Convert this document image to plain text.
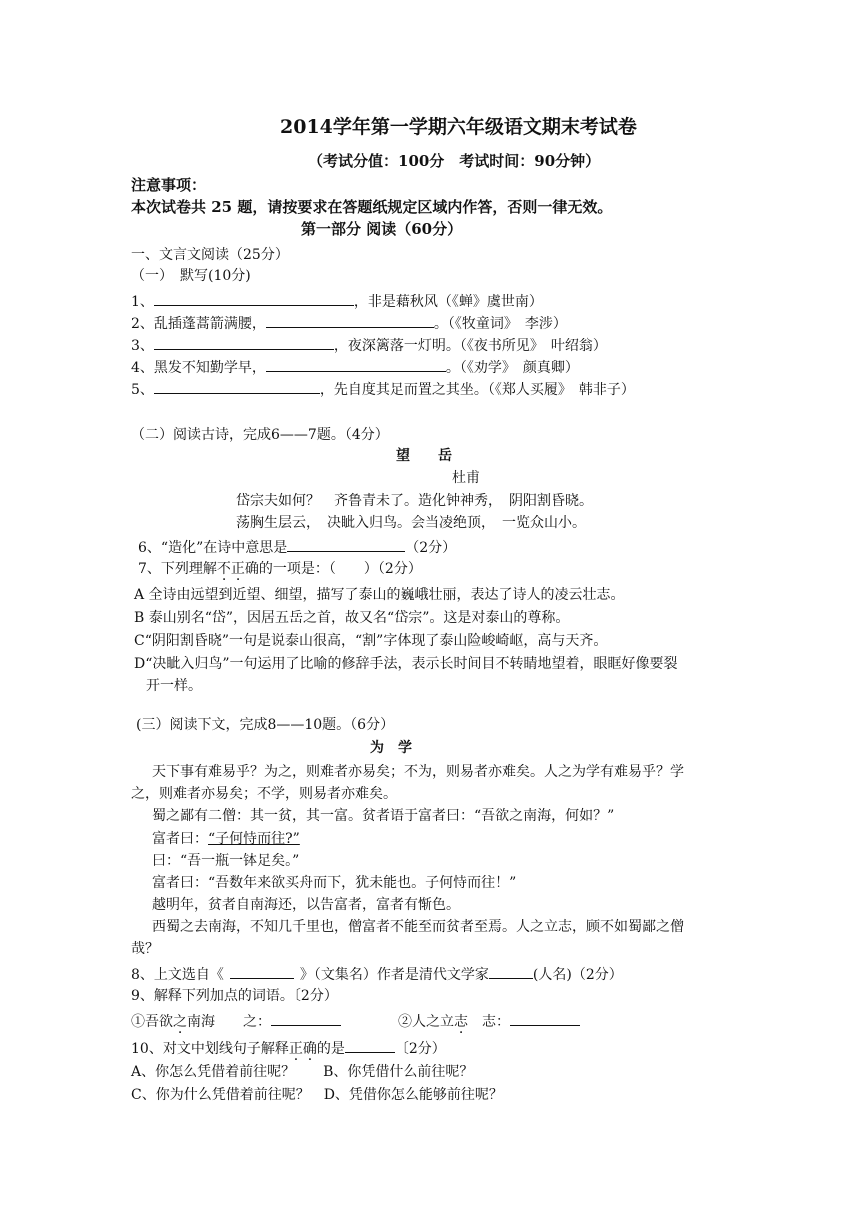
2014学年第一学期六年级语文期末考试卷
（考试分值：100分　考试时间：90分钟）
注意事项：
本次试卷共 25 题，请按要求在答题纸规定区域内作答，否则一律无效。
第一部分 阅读（60分）
一、文言文阅读（25分）
（一）　默写(10分)
1、	，非是藉秋风（《蝉》虞世南）
2、乱插蓬蒿箭满腰，	。（《牧童词》　李涉）
3、	，夜深篱落一灯明。（《夜书所见》　叶绍翁）
4、黑发不知勤学早，	。（《劝学》　颜真卿）
5、	，先自度其足而置之其坐。（《郑人买履》　韩非子）
（二）阅读古诗，完成6——7题。（4分）
望　　岳
杜甫
岱宗夫如何？　齐鲁青未了。造化钟神秀，　阴阳割昏晓。
荡胸生层云，　决眦入归鸟。会当凌绝顶，　一览众山小。
6、“造化”在诗中意思是	（2分）
7、下列理解不正确的一项是：（　　）（2分）
A 全诗由远望到近望、细望，描写了泰山的巍峨壮丽，表达了诗人的凌云壮志。
B 泰山别名“岱”，因居五岳之首，故又名“岱宗”。这是对泰山的尊称。
C“阴阳割昏晓”一句是说泰山很高，“割”字体现了泰山险峻崎岖，高与天齐。
D“决眦入归鸟”一句运用了比喻的修辞手法，表示长时间目不转睛地望着，眼眶好像要裂
开一样。
(三）阅读下文，完成8——10题。（6分）
为　学
天下事有难易乎？为之，则难者亦易矣；不为，则易者亦难矣。人之为学有难易乎？学
之，则难者亦易矣；不学，则易者亦难矣。
蜀之鄙有二僧：其一贫，其一富。贫者语于富者曰：“吾欲之南海，何如？”
富者曰：“子何恃而往?”
曰：“吾一瓶一钵足矣。”
富者曰：“吾数年来欲买舟而下，犹未能也。子何恃而往！”
越明年，贫者自南海还，以告富者，富者有惭色。
西蜀之去南海，不知几千里也，僧富者不能至而贫者至焉。人之立志，顾不如蜀鄙之僧
哉？
8、上文选自《	》（文集名）作者是清代文学家	(人名)（2分）
9、解释下列加点的词语。〔2分）
①吾欲之南海　　之：	②人之立志　志：
10、对文中划线句子解释正确的是	〔2分）
A、你怎么凭借着前往呢？　　B、你凭借什么前往呢？
C、你为什么凭借着前往呢？　D、凭借你怎么能够前往呢？
